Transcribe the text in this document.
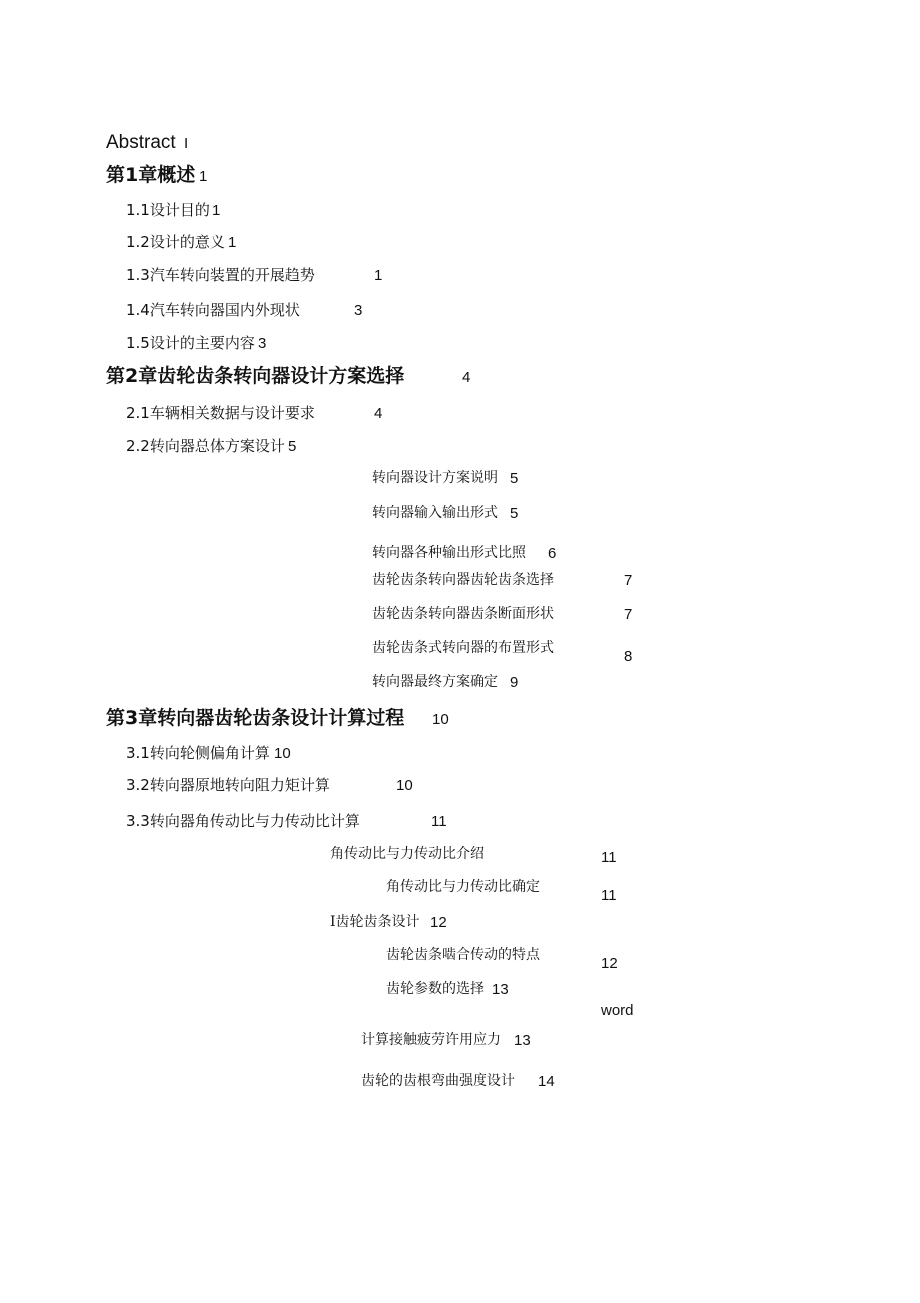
Abstract I
第1章概述 1
1.1设计目的 1
1.2设计的意义 1
1.3汽车转向装置的开展趋势	1
1.4汽车转向器国内外现状	3
1.5设计的主要内容 3
第2章齿轮齿条转向器设计方案选择	4
2.1车辆相关数据与设计要求	4
2.2转向器总体方案设计 5
转向器设计方案说明 5
转向器输入输出形式 5
转向器各种输出形式比照 6
齿轮齿条转向器齿轮齿条选择	7
齿轮齿条转向器齿条断面形状	7
齿轮齿条式转向器的布置形式	8
转向器最终方案确定 9
第3章转向器齿轮齿条设计计算过程 10
3.1转向轮侧偏角计算 10
3.2转向器原地转向阻力矩计算	10
3.3转向器角传动比与力传动比计算	11
角传动比与力传动比介绍	11
角传动比与力传动比确定	11
I齿轮齿条设计 12
齿轮齿条啮合传动的特点	12
齿轮参数的选择 13
word
计算接触疲劳许用应力 13
齿轮的齿根弯曲强度设计 14
